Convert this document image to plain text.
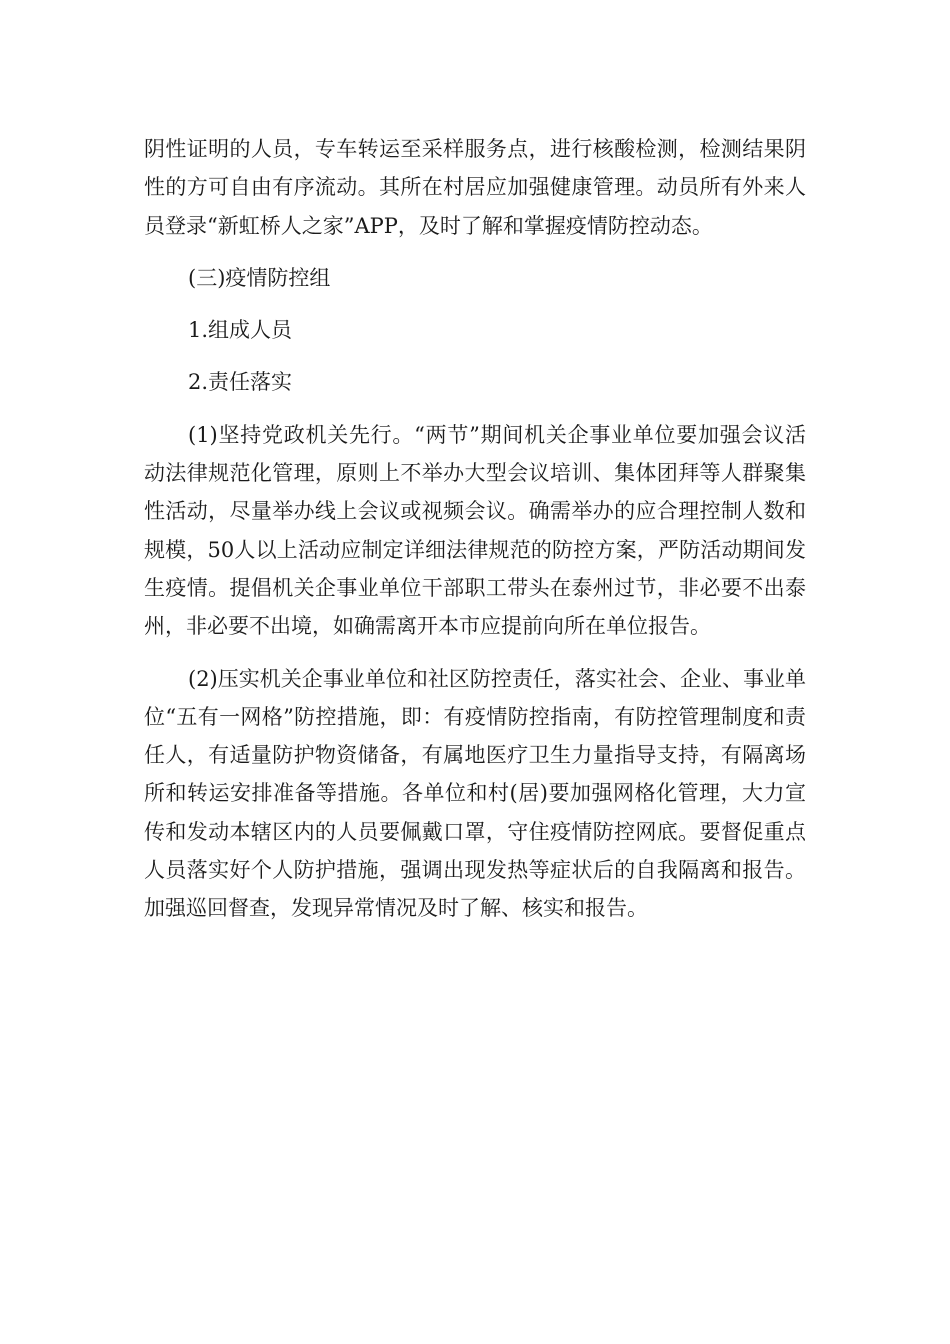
阴性证明的人员，专车转运至采样服务点，进行核酸检测，检测结果阴性的方可自由有序流动。其所在村居应加强健康管理。动员所有外来人员登录“新虹桥人之家”APP，及时了解和掌握疫情防控动态。

(三)疫情防控组

1.组成人员

2.责任落实

(1)坚持党政机关先行。“两节”期间机关企事业单位要加强会议活动法律规范化管理，原则上不举办大型会议培训、集体团拜等人群聚集性活动，尽量举办线上会议或视频会议。确需举办的应合理控制人数和规模，50人以上活动应制定详细法律规范的防控方案，严防活动期间发生疫情。提倡机关企事业单位干部职工带头在泰州过节，非必要不出泰州，非必要不出境，如确需离开本市应提前向所在单位报告。

(2)压实机关企事业单位和社区防控责任，落实社会、企业、事业单位“五有一网格”防控措施，即：有疫情防控指南，有防控管理制度和责任人，有适量防护物资储备，有属地医疗卫生力量指导支持，有隔离场所和转运安排准备等措施。各单位和村(居)要加强网格化管理，大力宣传和发动本辖区内的人员要佩戴口罩，守住疫情防控网底。要督促重点人员落实好个人防护措施，强调出现发热等症状后的自我隔离和报告。加强巡回督查，发现异常情况及时了解、核实和报告。
